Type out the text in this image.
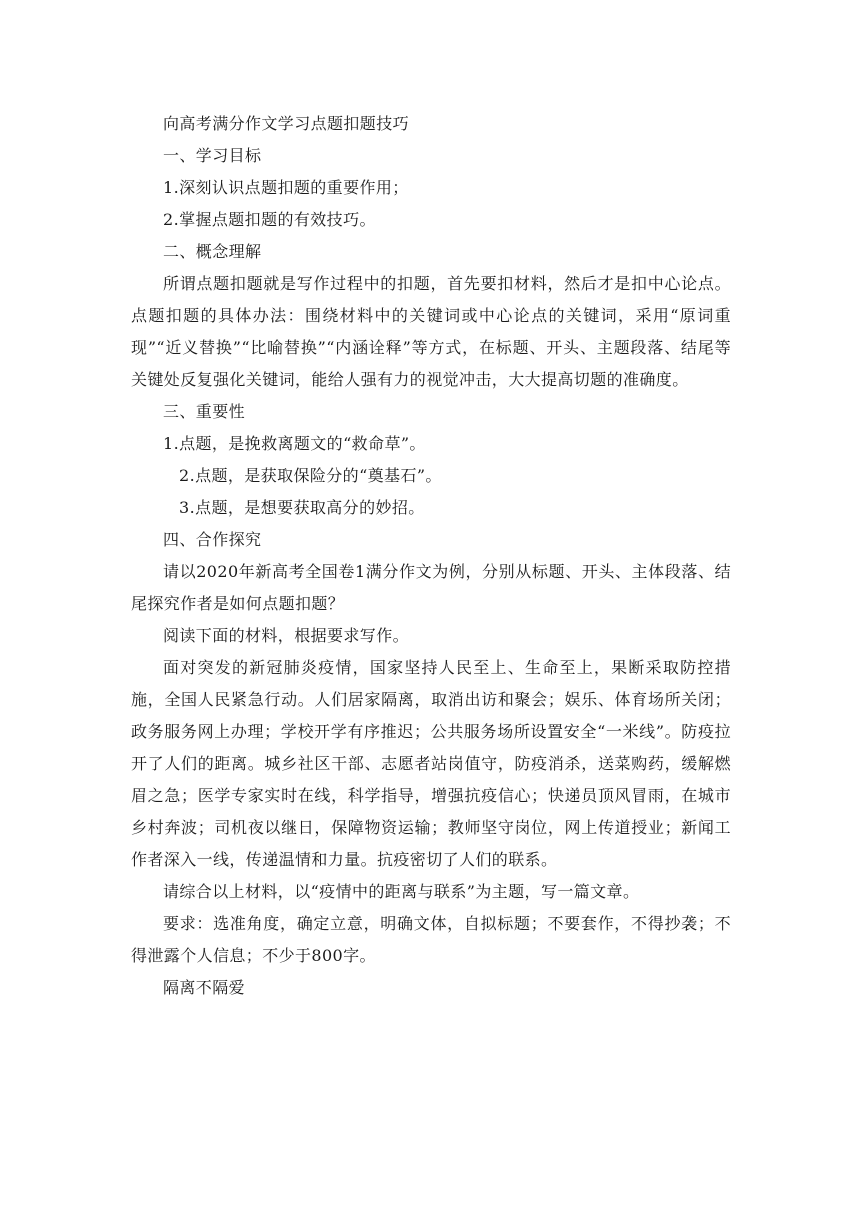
向高考满分作文学习点题扣题技巧

一、学习目标

1.深刻认识点题扣题的重要作用；

2.掌握点题扣题的有效技巧。

二、概念理解

所谓点题扣题就是写作过程中的扣题，首先要扣材料，然后才是扣中心论点。点题扣题的具体办法：围绕材料中的关键词或中心论点的关键词，采用“原词重现”“近义替换”“比喻替换”“内涵诠释”等方式，在标题、开头、主题段落、结尾等关键处反复强化关键词，能给人强有力的视觉冲击，大大提高切题的准确度。

三、重要性

1.点题，是挽救离题文的“救命草”。

2.点题，是获取保险分的“奠基石”。

3.点题，是想要获取高分的妙招。

四、合作探究

请以2020年新高考全国卷1满分作文为例，分别从标题、开头、主体段落、结尾探究作者是如何点题扣题？

阅读下面的材料，根据要求写作。

面对突发的新冠肺炎疫情，国家坚持人民至上、生命至上，果断采取防控措施，全国人民紧急行动。人们居家隔离，取消出访和聚会；娱乐、体育场所关闭；政务服务网上办理；学校开学有序推迟；公共服务场所设置安全“一米线”。防疫拉开了人们的距离。城乡社区干部、志愿者站岗值守，防疫消杀，送菜购药，缓解燃眉之急；医学专家实时在线，科学指导，增强抗疫信心；快递员顶风冒雨，在城市乡村奔波；司机夜以继日，保障物资运输；教师坚守岗位，网上传道授业；新闻工作者深入一线，传递温情和力量。抗疫密切了人们的联系。

请综合以上材料，以“疫情中的距离与联系”为主题，写一篇文章。

要求：选准角度，确定立意，明确文体，自拟标题；不要套作，不得抄袭；不得泄露个人信息；不少于800字。

隔离不隔爱
